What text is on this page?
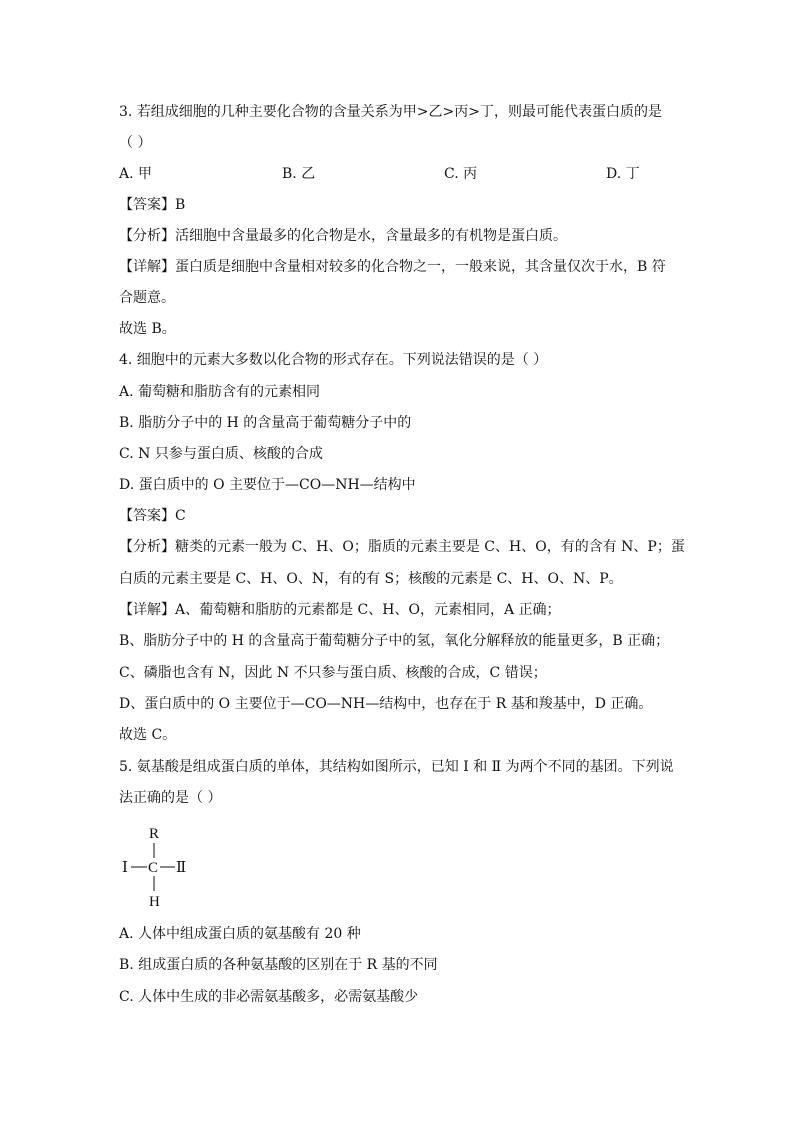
3. 若组成细胞的几种主要化合物的含量关系为甲>乙>丙>丁，则最可能代表蛋白质的是
（ ）
A. 甲	B. 乙	C. 丙	D. 丁
【答案】B
【分析】活细胞中含量最多的化合物是水，含量最多的有机物是蛋白质。
【详解】蛋白质是细胞中含量相对较多的化合物之一，一般来说，其含量仅次于水，B 符
合题意。
故选 B。
4. 细胞中的元素大多数以化合物的形式存在。下列说法错误的是（ ）
A. 葡萄糖和脂肪含有的元素相同
B. 脂肪分子中的 H 的含量高于葡萄糖分子中的
C. N 只参与蛋白质、核酸的合成
D. 蛋白质中的 O 主要位于—CO—NH—结构中
【答案】C
【分析】糖类的元素一般为 C、H、O；脂质的元素主要是 C、H、O，有的含有 N、P；蛋
白质的元素主要是 C、H、O、N，有的有 S；核酸的元素是 C、H、O、N、P。
【详解】A、葡萄糖和脂肪的元素都是 C、H、O，元素相同，A 正确；
B、脂肪分子中的 H 的含量高于葡萄糖分子中的氢，氧化分解释放的能量更多，B 正确；
C、磷脂也含有 N，因此 N 不只参与蛋白质、核酸的合成，C 错误；
D、蛋白质中的 O 主要位于—CO—NH—结构中，也存在于 R 基和羧基中，D 正确。
故选 C。
5. 氨基酸是组成蛋白质的单体，其结构如图所示，已知 Ⅰ 和 Ⅱ 为两个不同的基团。下列说
法正确的是（ ）
R
Ⅰ C Ⅱ
H
A. 人体中组成蛋白质的氨基酸有 20 种
B. 组成蛋白质的各种氨基酸的区别在于 R 基的不同
C. 人体中生成的非必需氨基酸多，必需氨基酸少
